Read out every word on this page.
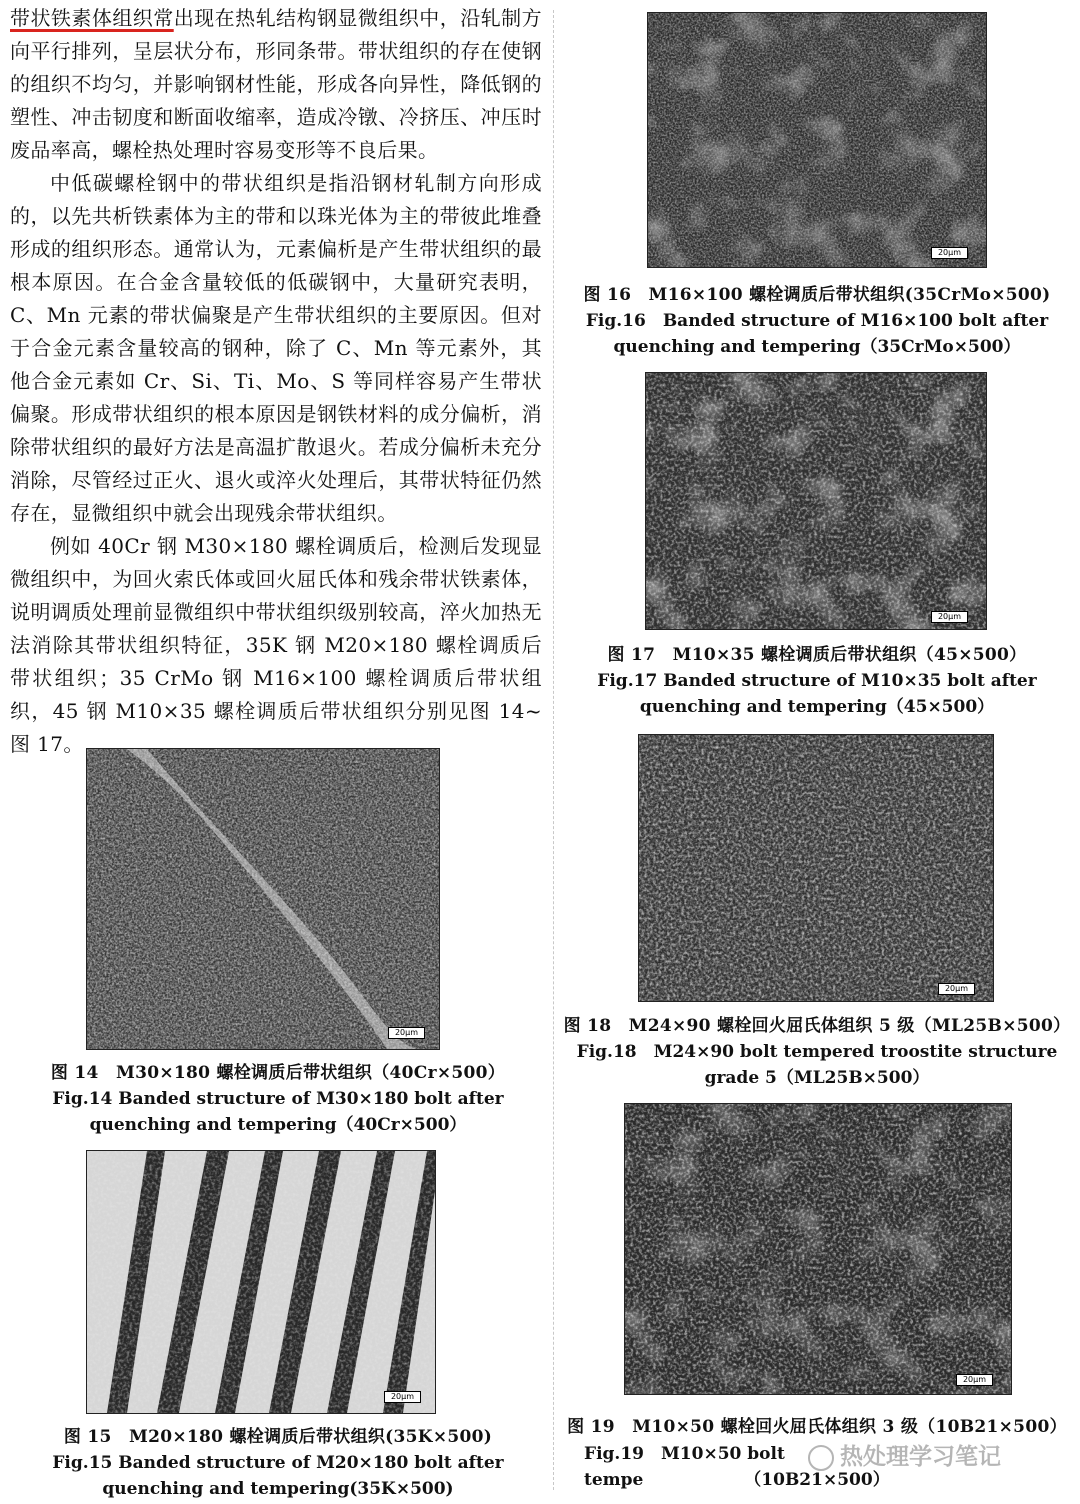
带状铁素体组织常出现在热轧结构钢显微组织中，沿轧制方向平行排列，呈层状分布，形同条带。带状组织的存在使钢的组织不均匀，并影响钢材性能，形成各向异性，降低钢的塑性、冲击韧度和断面收缩率，造成冷镦、冷挤压、冲压时废品率高，螺栓热处理时容易变形等不良后果。

中低碳螺栓钢中的带状组织是指沿钢材轧制方向形成的，以先共析铁素体为主的带和以珠光体为主的带彼此堆叠形成的组织形态。通常认为，元素偏析是产生带状组织的最根本原因。在合金含量较低的低碳钢中，大量研究表明，C、Mn 元素的带状偏聚是产生带状组织的主要原因。但对于合金元素含量较高的钢种，除了 C、Mn 等元素外，其他合金元素如 Cr、Si、Ti、Mo、S 等同样容易产生带状偏聚。形成带状组织的根本原因是钢铁材料的成分偏析，消除带状组织的最好方法是高温扩散退火。若成分偏析未充分消除，尽管经过正火、退火或淬火处理后，其带状特征仍然存在，显微组织中就会出现残余带状组织。

例如 40Cr 钢 M30×180 螺栓调质后，检测后发现显微组织中，为回火索氏体或回火屈氏体和残余带状铁素体，说明调质处理前显微组织中带状组织级别较高，淬火加热无法消除其带状组织特征，35K 钢 M20×180 螺栓调质后带状组织；35 CrMo 钢 M16×100 螺栓调质后带状组织，45 钢 M10×35 螺栓调质后带状组织分别见图 14~图 17。

20μm

图 14　M30×180 螺栓调质后带状组织（40Cr×500）

Fig.14 Banded structure of M30×180 bolt after quenching and tempering（40Cr×500）

20μm

图 15　M20×180 螺栓调质后带状组织(35K×500)

Fig.15 Banded structure of M20×180 bolt after quenching and tempering(35K×500)

20μm

图 16　M16×100 螺栓调质后带状组织(35CrMo×500)

Fig.16　Banded structure of M16×100 bolt after quenching and tempering（35CrMo×500）

20μm

图 17　M10×35 螺栓调质后带状组织（45×500）

Fig.17 Banded structure of M10×35 bolt after quenching and tempering（45×500）

20μm

图 18　M24×90 螺栓回火屈氏体组织 5 级（ML25B×500）

Fig.18　M24×90 bolt tempered troostite structure grade 5（ML25B×500）

20μm

图 19　M10×50 螺栓回火屈氏体组织 3 级（10B21×500）

Fig.19　M10×50 bolt tempe	（10B21×500）

热处理学习笔记
